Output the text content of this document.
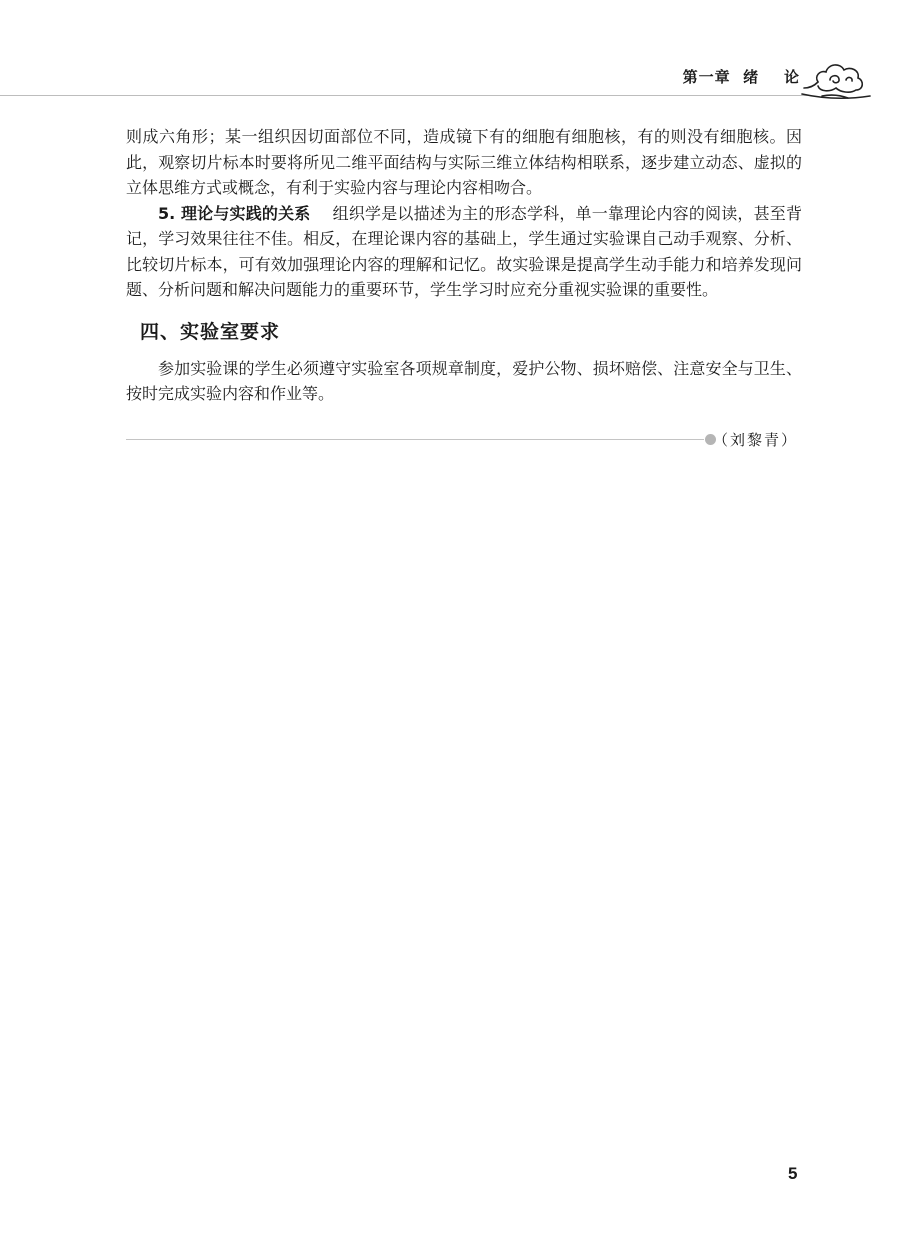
第一章  绪    论

则成六角形；某一组织因切面部位不同，造成镜下有的细胞有细胞核，有的则没有细胞核。因此，观察切片标本时要将所见二维平面结构与实际三维立体结构相联系，逐步建立动态、虚拟的立体思维方式或概念，有利于实验内容与理论内容相吻合。

5. 理论与实践的关系 组织学是以描述为主的形态学科，单一靠理论内容的阅读，甚至背记，学习效果往往不佳。相反，在理论课内容的基础上，学生通过实验课自己动手观察、分析、比较切片标本，可有效加强理论内容的理解和记忆。故实验课是提高学生动手能力和培养发现问题、分析问题和解决问题能力的重要环节，学生学习时应充分重视实验课的重要性。

四、实验室要求

参加实验课的学生必须遵守实验室各项规章制度，爱护公物、损坏赔偿、注意安全与卫生、按时完成实验内容和作业等。

（刘黎青）
5
